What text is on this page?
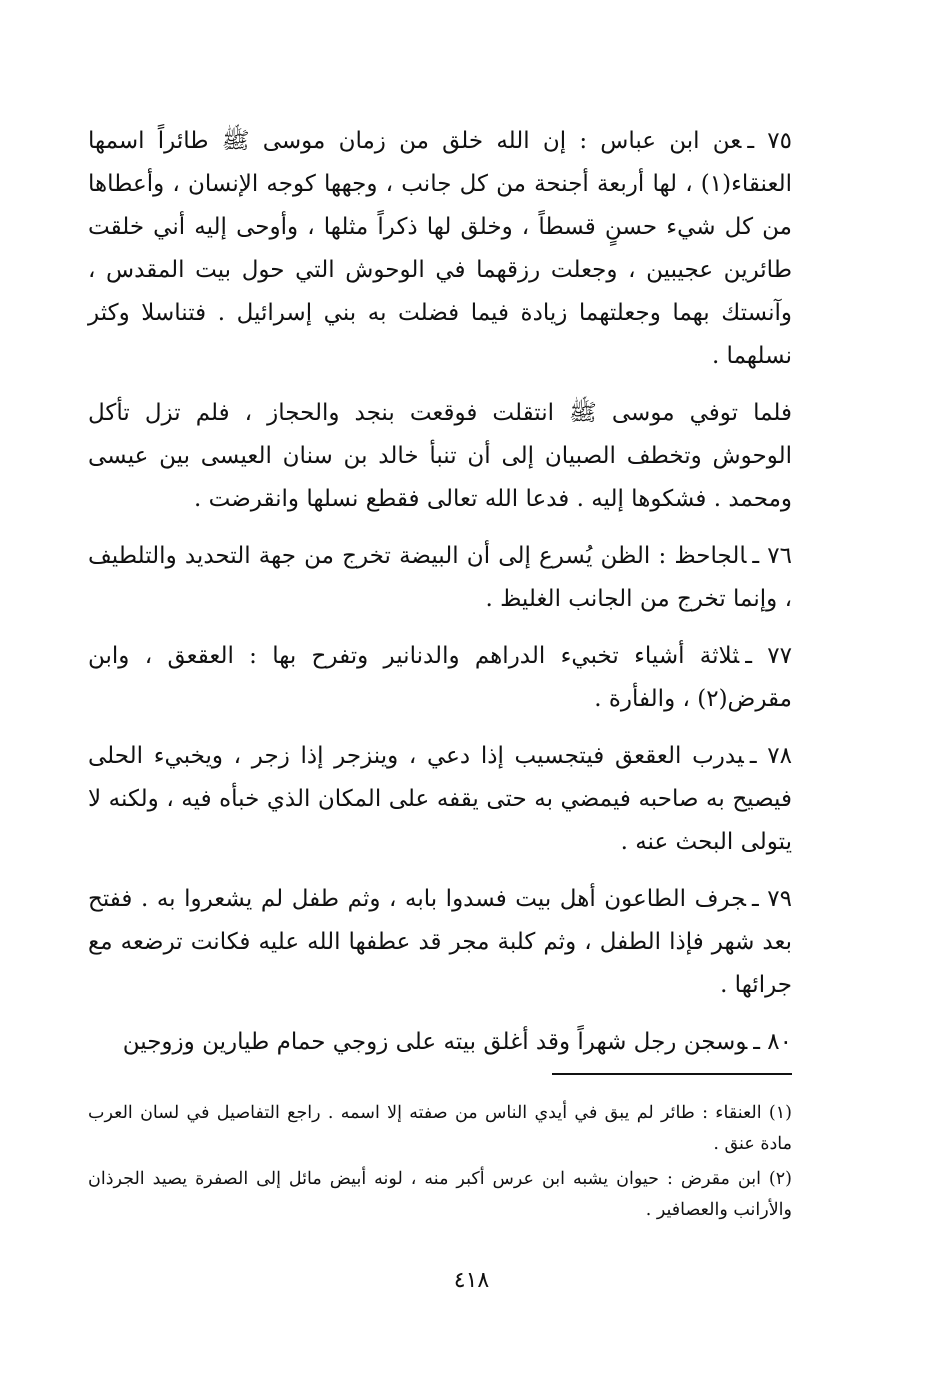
٧٥ ـعن ابن عباس : إن الله خلق من زمان موسى ﷺ طائراً اسمها العنقاء(١) ، لها أربعة أجنحة من كل جانب ، وجهها كوجه الإنسان ، وأعطاها من كل شيء حسنٍ قسطاً ، وخلق لها ذكراً مثلها ، وأوحى إليه أني خلقت طائرين عجيبين ، وجعلت رزقهما في الوحوش التي حول بيت المقدس ، وآنستك بهما وجعلتهما زيادة فيما فضلت به بني إسرائيل . فتناسلا وكثر نسلهما .

فلما توفي موسى ﷺ انتقلت فوقعت بنجد والحجاز ، فلم تزل تأكل الوحوش وتخطف الصبيان إلى أن تنبأ خالد بن سنان العيسى بين عيسى ومحمد . فشكوها إليه . فدعا الله تعالى فقطع نسلها وانقرضت .

٧٦ ـالجاحظ : الظن يُسرع إلى أن البيضة تخرج من جهة التحديد والتلطيف ، وإنما تخرج من الجانب الغليظ .

٧٧ ـثلاثة أشياء تخبيء الدراهم والدنانير وتفرح بها : العقعق ، وابن مقرض(٢) ، والفأرة .

٧٨ ـيدرب العقعق فيتجسيب إذا دعي ، وينزجر إذا زجر ، ويخبيء الحلى فيصيح به صاحبه فيمضي به حتى يقفه على المكان الذي خبأه فيه ، ولكنه لا يتولى البحث عنه .

٧٩ ـجرف الطاعون أهل بيت فسدوا بابه ، وثم طفل لم يشعروا به . ففتح بعد شهر فإذا الطفل ، وثم كلبة مجر قد عطفها الله عليه فكانت ترضعه مع جرائها .

٨٠ ـوسجن رجل شهراً وقد أغلق بيته على زوجي حمام طيارين وزوجين

(١) العنقاء : طائر لم يبق في أيدي الناس من صفته إلا اسمه . راجع التفاصيل في لسان العرب مادة عنق .

(٢) ابن مقرض : حيوان يشبه ابن عرس أكبر منه ، لونه أبيض مائل إلى الصفرة يصيد الجرذان والأرانب والعصافير .

٤١٨
